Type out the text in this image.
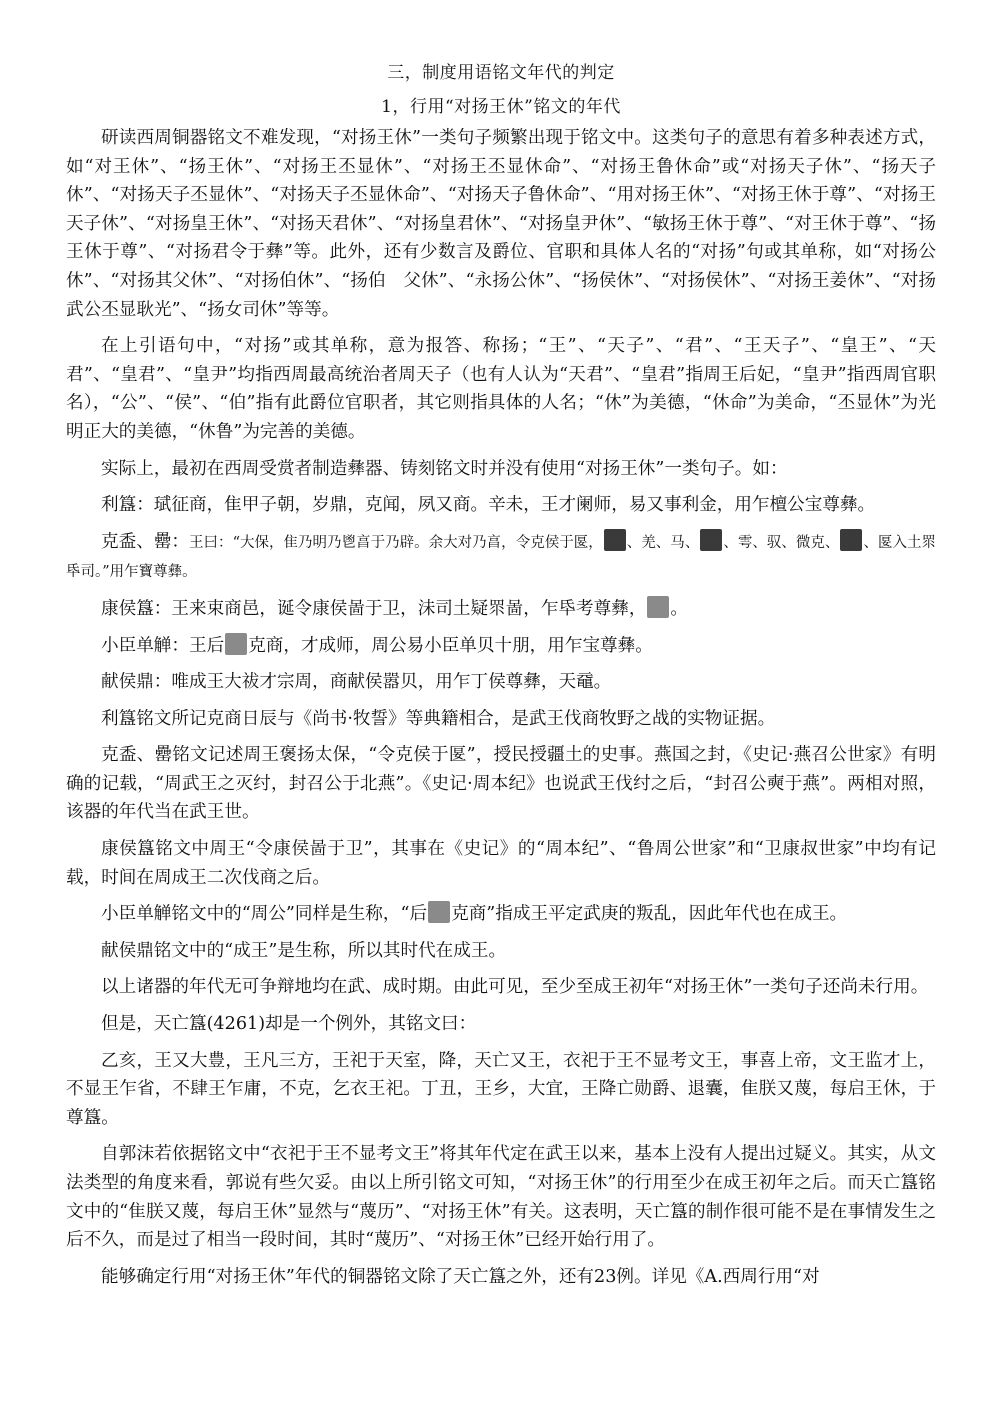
三，制度用语铭文年代的判定
1，行用“对扬王休”铭文的年代

研读西周铜器铭文不难发现，“对扬王休”一类句子频繁出现于铭文中。这类句子的意思有着多种表述方式，如“对王休”、“扬王休”、“对扬王丕显休”、“对扬王丕显休命”、“对扬王鲁休命”或“对扬天子休”、“扬天子休”、“对扬天子丕显休”、“对扬天子丕显休命”、“对扬天子鲁休命”、“用对扬王休”、“对扬王休于尊”、“对扬王天子休”、“对扬皇王休”、“对扬天君休”、“对扬皇君休”、“对扬皇尹休”、“敏扬王休于尊”、“对王休于尊”、“扬王休于尊”、“对扬君令于彝”等。此外，还有少数言及爵位、官职和具体人名的“对扬”句或其单称，如“对扬公休”、“对扬其父休”、“对扬伯休”、“扬伯　父休”、“永扬公休”、“扬侯休”、“对扬侯休”、“对扬王姜休”、“对扬武公丕显耿光”、“扬女司休”等等。

在上引语句中，“对扬”或其单称，意为报答、称扬；“王”、“天子”、“君”、“王天子”、“皇王”、“天君”、“皇君”、“皇尹”均指西周最高统治者周天子（也有人认为“天君”、“皇君”指周王后妃，“皇尹”指西周官职名），“公”、“侯”、“伯”指有此爵位官职者，其它则指具体的人名；“休”为美德，“休命”为美命，“丕显休”为光明正大的美德，“休鲁”为完善的美德。

实际上，最初在西周受赏者制造彝器、铸刻铭文时并没有使用“对扬王休”一类句子。如：

利簋：珷征商，隹甲子朝，岁鼎，克闻，夙又商。辛未，王才阑师，易又事利金，用乍檀公宝尊彝。

克盉、罍：王曰：“大保，隹乃明乃鬯亯于乃辟。余大对乃亯，令克侯于匽， 、羌、马、 、雩、驭、微克、 、匽入土眔氒司。”用乍寶尊彝。

康侯簋：王来束商邑，诞令康侯啚于卫，沬司土疑眔啚，乍氒考尊彝， 。

小臣单觯：王后 克商，才成师，周公易小臣单贝十朋，用乍宝尊彝。

献侯鼎：唯成王大祓才宗周，商献侯嚣贝，用乍丁侯尊彝，天黿。

利簋铭文所记克商日辰与《尚书·牧誓》等典籍相合，是武王伐商牧野之战的实物证据。

克盉、罍铭文记述周王褒扬太保，“令克侯于匽”，授民授疆土的史事。燕国之封，《史记·燕召公世家》有明确的记载，“周武王之灭纣，封召公于北燕”。《史记·周本纪》也说武王伐纣之后，“封召公奭于燕”。两相对照，该器的年代当在武王世。

康侯簋铭文中周王“令康侯啚于卫”，其事在《史记》的“周本纪”、“鲁周公世家”和“卫康叔世家”中均有记载，时间在周成王二次伐商之后。

小臣单觯铭文中的“周公”同样是生称，“后 克商”指成王平定武庚的叛乱，因此年代也在成王。

献侯鼎铭文中的“成王”是生称，所以其时代在成王。

以上诸器的年代无可争辩地均在武、成时期。由此可见，至少至成王初年“对扬王休”一类句子还尚未行用。

但是，天亡簋(4261)却是一个例外，其铭文曰：

乙亥，王又大豊，王凡三方，王祀于天室，降，天亡又王，衣祀于王不显考文王，事喜上帝，文王监才上，不显王乍省，不肆王乍庸，不克，乞衣王祀。丁丑，王乡，大宜，王降亡勋爵、退囊，隹朕又蔑，每启王休，于尊簋。

自郭沫若依据铭文中“衣祀于王不显考文王”将其年代定在武王以来，基本上没有人提出过疑义。其实，从文法类型的角度来看，郭说有些欠妥。由以上所引铭文可知，“对扬王休”的行用至少在成王初年之后。而天亡簋铭文中的“隹朕又蔑，每启王休”显然与“蔑历”、“对扬王休”有关。这表明，天亡簋的制作很可能不是在事情发生之后不久，而是过了相当一段时间，其时“蔑历”、“对扬王休”已经开始行用了。

能够确定行用“对扬王休”年代的铜器铭文除了天亡簋之外，还有23例。详见《A.西周行用“对
